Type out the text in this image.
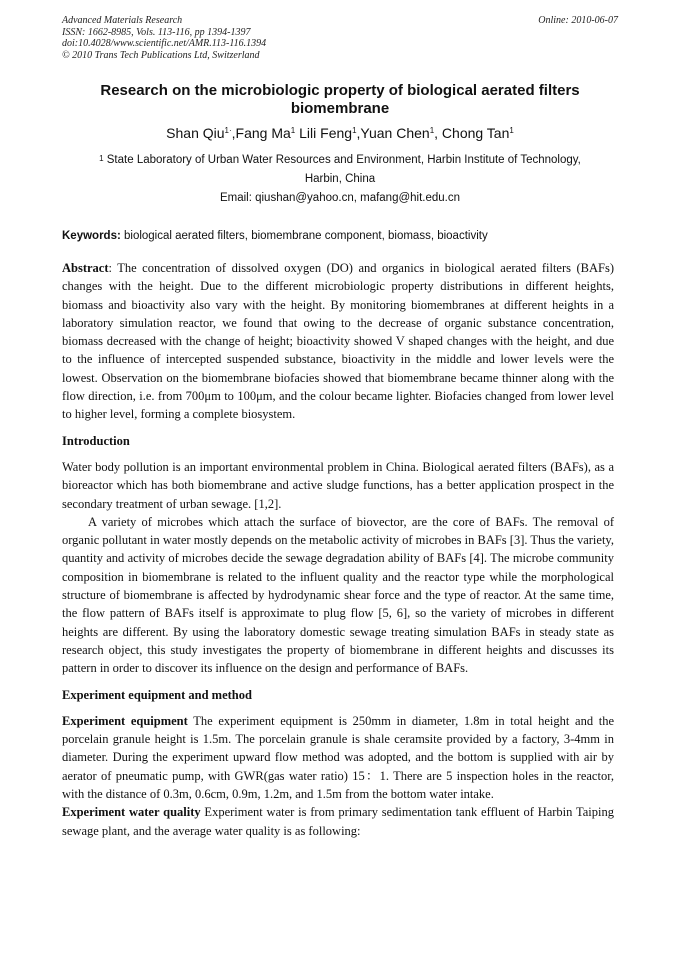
Advanced Materials Research
ISSN: 1662-8985, Vols. 113-116, pp 1394-1397
doi:10.4028/www.scientific.net/AMR.113-116.1394
© 2010 Trans Tech Publications Ltd, Switzerland
Online: 2010-06-07
Research on the microbiologic property of biological aerated filters biomembrane
Shan Qiu$^{1\cdot}$,Fang Ma$^1$ Lili Feng$^1$,Yuan Chen$^1$, Chong Tan$^1$
$^1$ State Laboratory of Urban Water Resources and Environment, Harbin Institute of Technology,
Harbin, China
Email: qiushan@yahoo.cn, mafang@hit.edu.cn
Keywords: biological aerated filters, biomembrane component, biomass, bioactivity

Abstract: The concentration of dissolved oxygen (DO) and organics in biological aerated filters (BAFs) changes with the height. Due to the different microbiologic property distributions in different heights, biomass and bioactivity also vary with the height. By monitoring biomembranes at different heights in a laboratory simulation reactor, we found that owing to the decrease of organic substance concentration, biomass decreased with the change of height; bioactivity showed V shaped changes with the height, and due to the influence of intercepted suspended substance, bioactivity in the middle and lower levels were the lowest. Observation on the biomembrane biofacies showed that biomembrane became thinner along with the flow direction, i.e. from 700μm to 100μm, and the colour became lighter. Biofacies changed from lower level to higher level, forming a complete biosystem.

Introduction

Water body pollution is an important environmental problem in China. Biological aerated filters (BAFs), as a bioreactor which has both biomembrane and active sludge functions, has a better application prospect in the secondary treatment of urban sewage. [1,2].

A variety of microbes which attach the surface of biovector, are the core of BAFs. The removal of organic pollutant in water mostly depends on the metabolic activity of microbes in BAFs [3]. Thus the variety, quantity and activity of microbes decide the sewage degradation ability of BAFs [4]. The microbe community composition in biomembrane is related to the influent quality and the reactor type while the morphological structure of biomembrane is affected by hydrodynamic shear force and the type of reactor. At the same time, the flow pattern of BAFs itself is approximate to plug flow [5, 6], so the variety of microbes in different heights are different. By using the laboratory domestic sewage treating simulation BAFs in steady state as research object, this study investigates the property of biomembrane in different heights and discusses its pattern in order to discover its influence on the design and performance of BAFs.

Experiment equipment and method

Experiment equipment The experiment equipment is 250mm in diameter, 1.8m in total height and the porcelain granule height is 1.5m. The porcelain granule is shale ceramsite provided by a factory, 3-4mm in diameter. During the experiment upward flow method was adopted, and the bottom is supplied with air by aerator of pneumatic pump, with GWR(gas water ratio) 15：1. There are 5 inspection holes in the reactor, with the distance of 0.3m, 0.6cm, 0.9m, 1.2m, and 1.5m from the bottom water intake.

Experiment water quality Experiment water is from primary sedimentation tank effluent of Harbin Taiping sewage plant, and the average water quality is as following:
